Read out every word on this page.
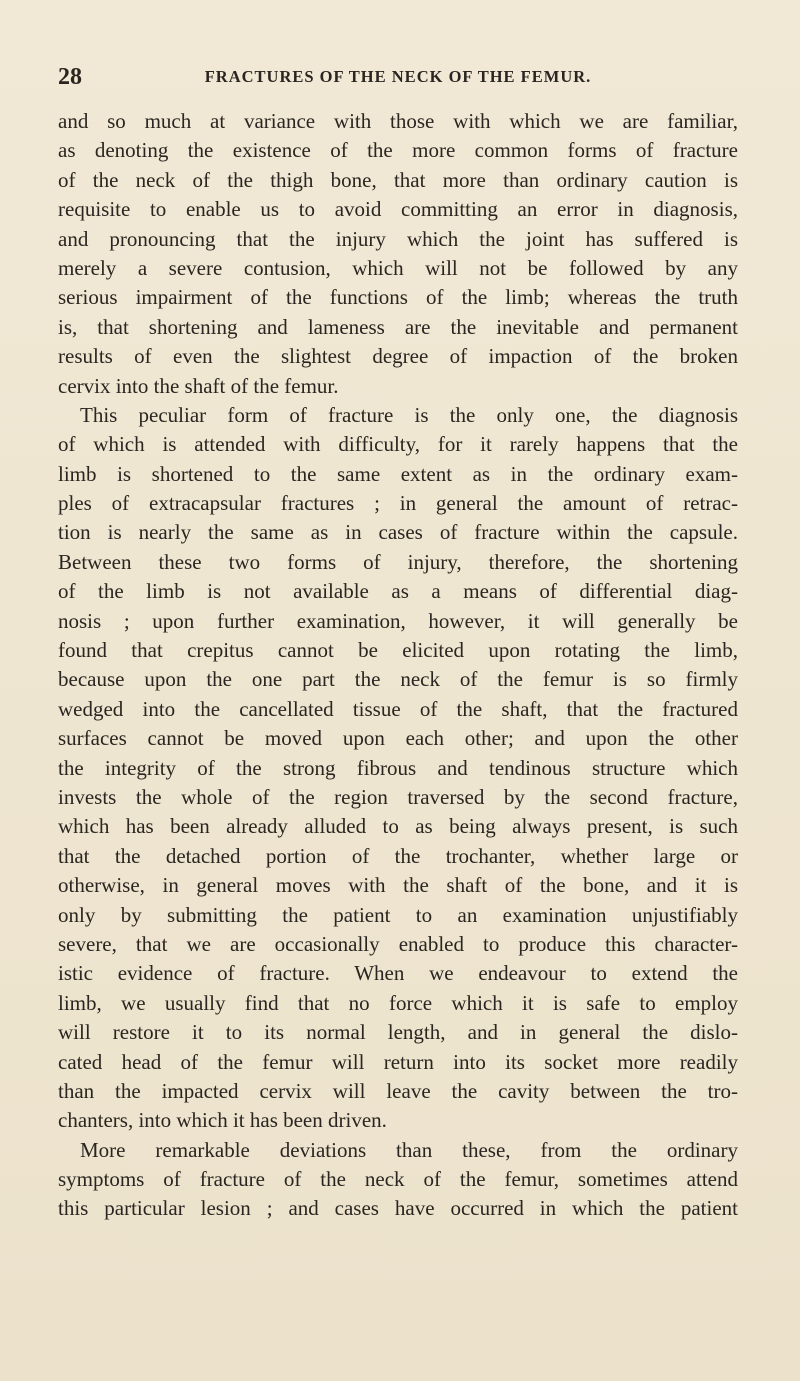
28	FRACTURES OF THE NECK OF THE FEMUR.
and so much at variance with those with which we are familiar,
as denoting the existence of the more common forms of fracture
of the neck of the thigh bone, that more than ordinary caution is
requisite to enable us to avoid committing an error in diagnosis,
and pronouncing that the injury which the joint has suffered is
merely a severe contusion, which will not be followed by any
serious impairment of the functions of the limb; whereas the truth
is, that shortening and lameness are the inevitable and permanent
results of even the slightest degree of impaction of the broken
cervix into the shaft of the femur.
This peculiar form of fracture is the only one, the diagnosis
of which is attended with difficulty, for it rarely happens that the
limb is shortened to the same extent as in the ordinary exam-
ples of extracapsular fractures ; in general the amount of retrac-
tion is nearly the same as in cases of fracture within the capsule.
Between these two forms of injury, therefore, the shortening
of the limb is not available as a means of differential diag-
nosis ; upon further examination, however, it will generally be
found that crepitus cannot be elicited upon rotating the limb,
because upon the one part the neck of the femur is so firmly
wedged into the cancellated tissue of the shaft, that the fractured
surfaces cannot be moved upon each other; and upon the other
the integrity of the strong fibrous and tendinous structure which
invests the whole of the region traversed by the second fracture,
which has been already alluded to as being always present, is such
that the detached portion of the trochanter, whether large or
otherwise, in general moves with the shaft of the bone, and it is
only by submitting the patient to an examination unjustifiably
severe, that we are occasionally enabled to produce this character-
istic evidence of fracture. When we endeavour to extend the
limb, we usually find that no force which it is safe to employ
will restore it to its normal length, and in general the dislo-
cated head of the femur will return into its socket more readily
than the impacted cervix will leave the cavity between the tro-
chanters, into which it has been driven.
More remarkable deviations than these, from the ordinary
symptoms of fracture of the neck of the femur, sometimes attend
this particular lesion ; and cases have occurred in which the patient
